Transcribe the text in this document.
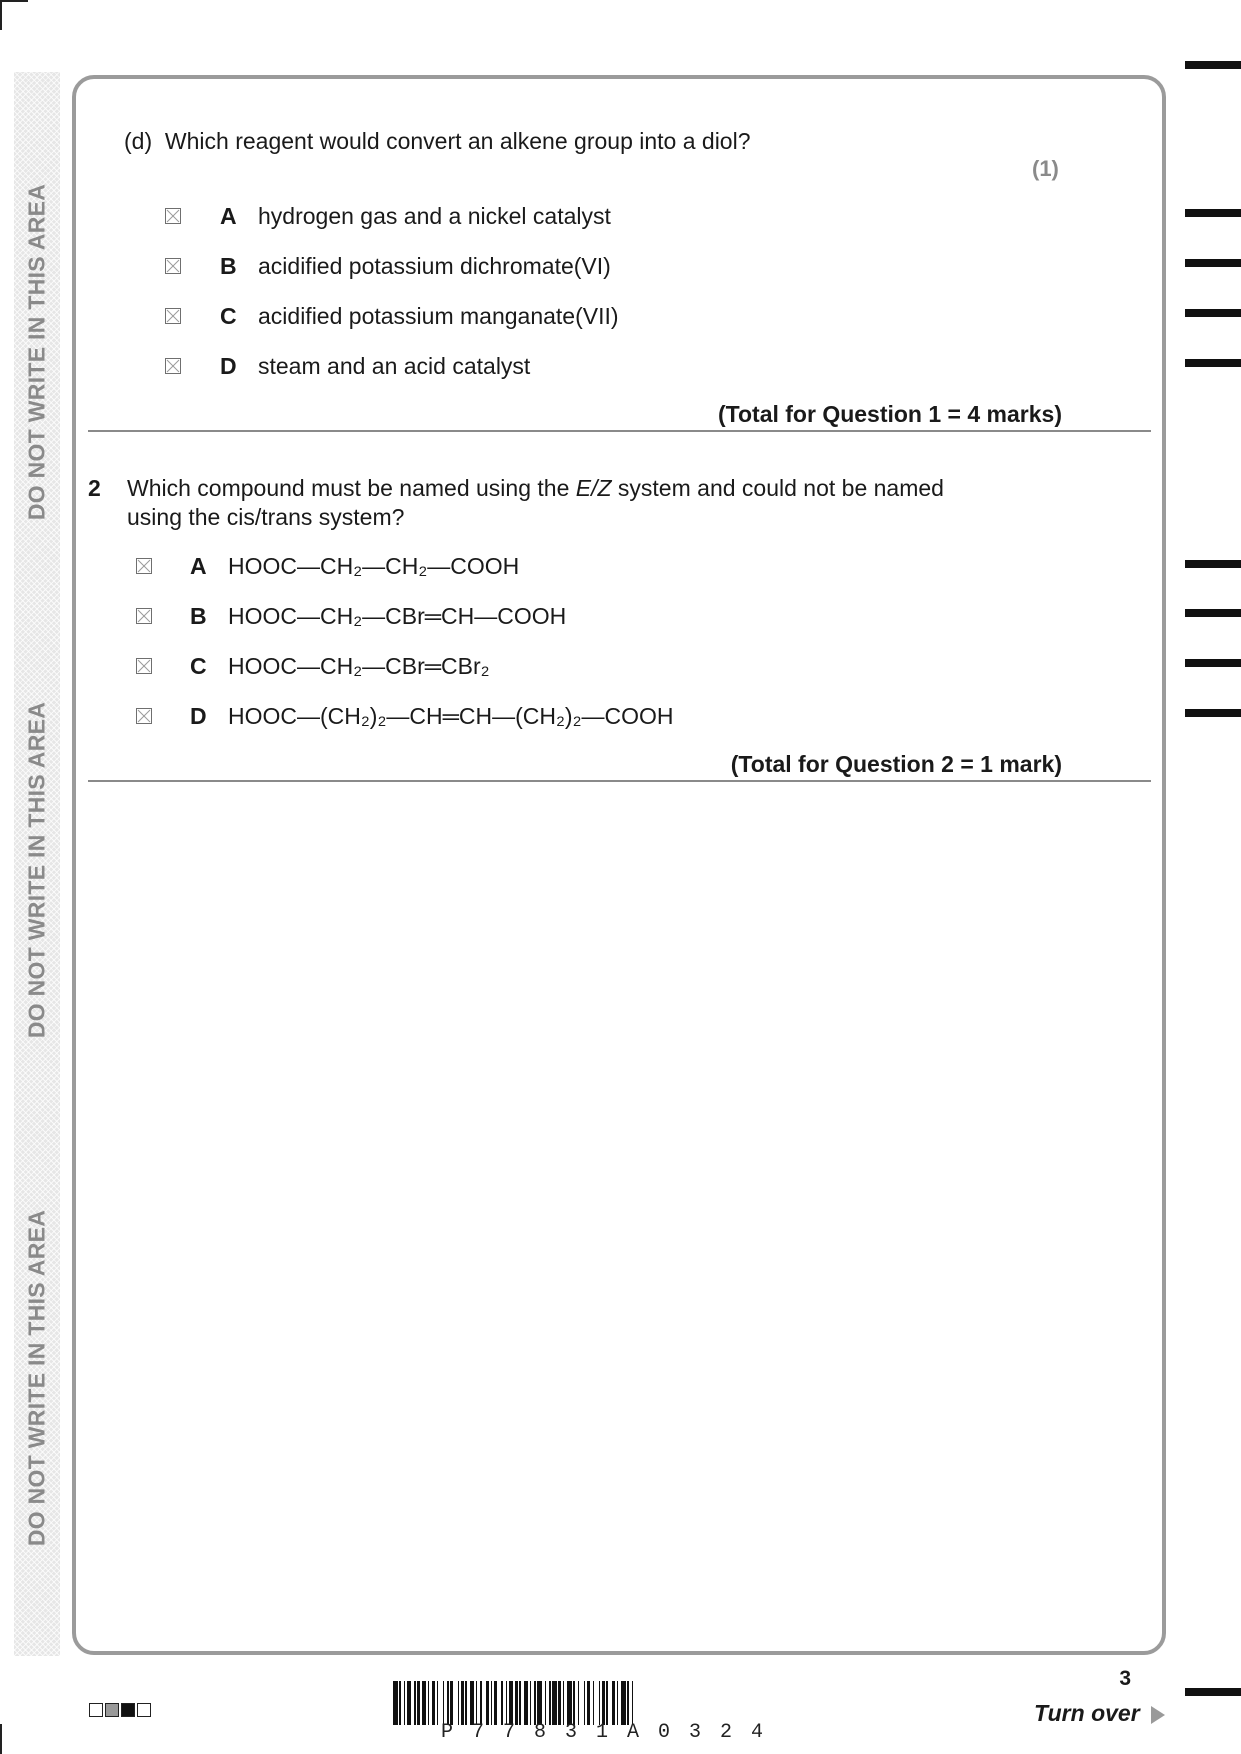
DO NOT WRITE IN THIS AREA
DO NOT WRITE IN THIS AREA
DO NOT WRITE IN THIS AREA
(d) Which reagent would convert an alkene group into a diol?
(1)
A hydrogen gas and a nickel catalyst
B acidified potassium dichromate(VI)
C acidified potassium manganate(VII)
D steam and an acid catalyst
(Total for Question 1 = 4 marks)
2 Which compound must be named using the E/Z system and could not be named
using the cis/trans system?
A HOOC—CH₂—CH₂—COOH
B HOOC—CH₂—CBr═CH—COOH
C HOOC—CH₂—CBr═CBr₂
D HOOC—(CH₂)₂—CH═CH—(CH₂)₂—COOH
(Total for Question 2 = 1 mark)
P77831A0324
3
Turn over
